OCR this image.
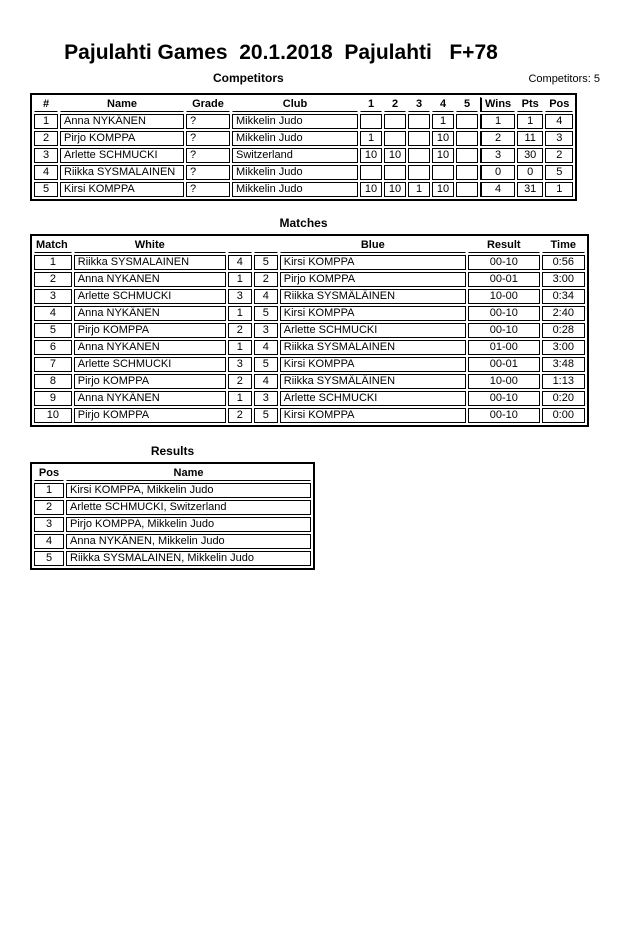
Pajulahti Games  20.1.2018  Pajulahti   F+78
Competitors	Competitors: 5
#	Name	Grade	Club	1	2	3	4	5	Wins	Pts	Pos
1	Anna NYKÄNEN	?	Mikkelin Judo				1		1	1	4
2	Pirjo KOMPPA	?	Mikkelin Judo	1			10		2	11	3
3	Arlette SCHMUCKI	?	Switzerland	10	10		10		3	30	2
4	Riikka SYSMALAINEN	?	Mikkelin Judo						0	0	5
5	Kirsi KOMPPA	?	Mikkelin Judo	10	10	1	10		4	31	1
Matches
Match	White			Blue	Result	Time
1	Riikka SYSMALAINEN	4	5	Kirsi KOMPPA	00-10	0:56
2	Anna NYKANEN	1	2	Pirjo KOMPPA	00-01	3:00
3	Arlette SCHMUCKI	3	4	Riikka SYSMÄLÄINEN	10-00	0:34
4	Anna NYKÄNEN	1	5	Kirsi KOMPPA	00-10	2:40
5	Pirjo KOMPPA	2	3	Arlette SCHMUCKI	00-10	0:28
6	Anna NYKANEN	1	4	Riikka SYSMALAINEN	01-00	3:00
7	Arlette SCHMUCKI	3	5	Kirsi KOMPPA	00-01	3:48
8	Pirjo KOMPPA	2	4	Riikka SYSMÄLÄINEN	10-00	1:13
9	Anna NYKÄNEN	1	3	Arlette SCHMUCKI	00-10	0:20
10	Pirjo KOMPPA	2	5	Kirsi KOMPPA	00-10	0:00
Results
Pos	Name
1	Kirsi KOMPPA, Mikkelin Judo
2	Arlette SCHMUCKI, Switzerland
3	Pirjo KOMPPA, Mikkelin Judo
4	Anna NYKÄNEN, Mikkelin Judo
5	Riikka SYSMALAINEN, Mikkelin Judo
